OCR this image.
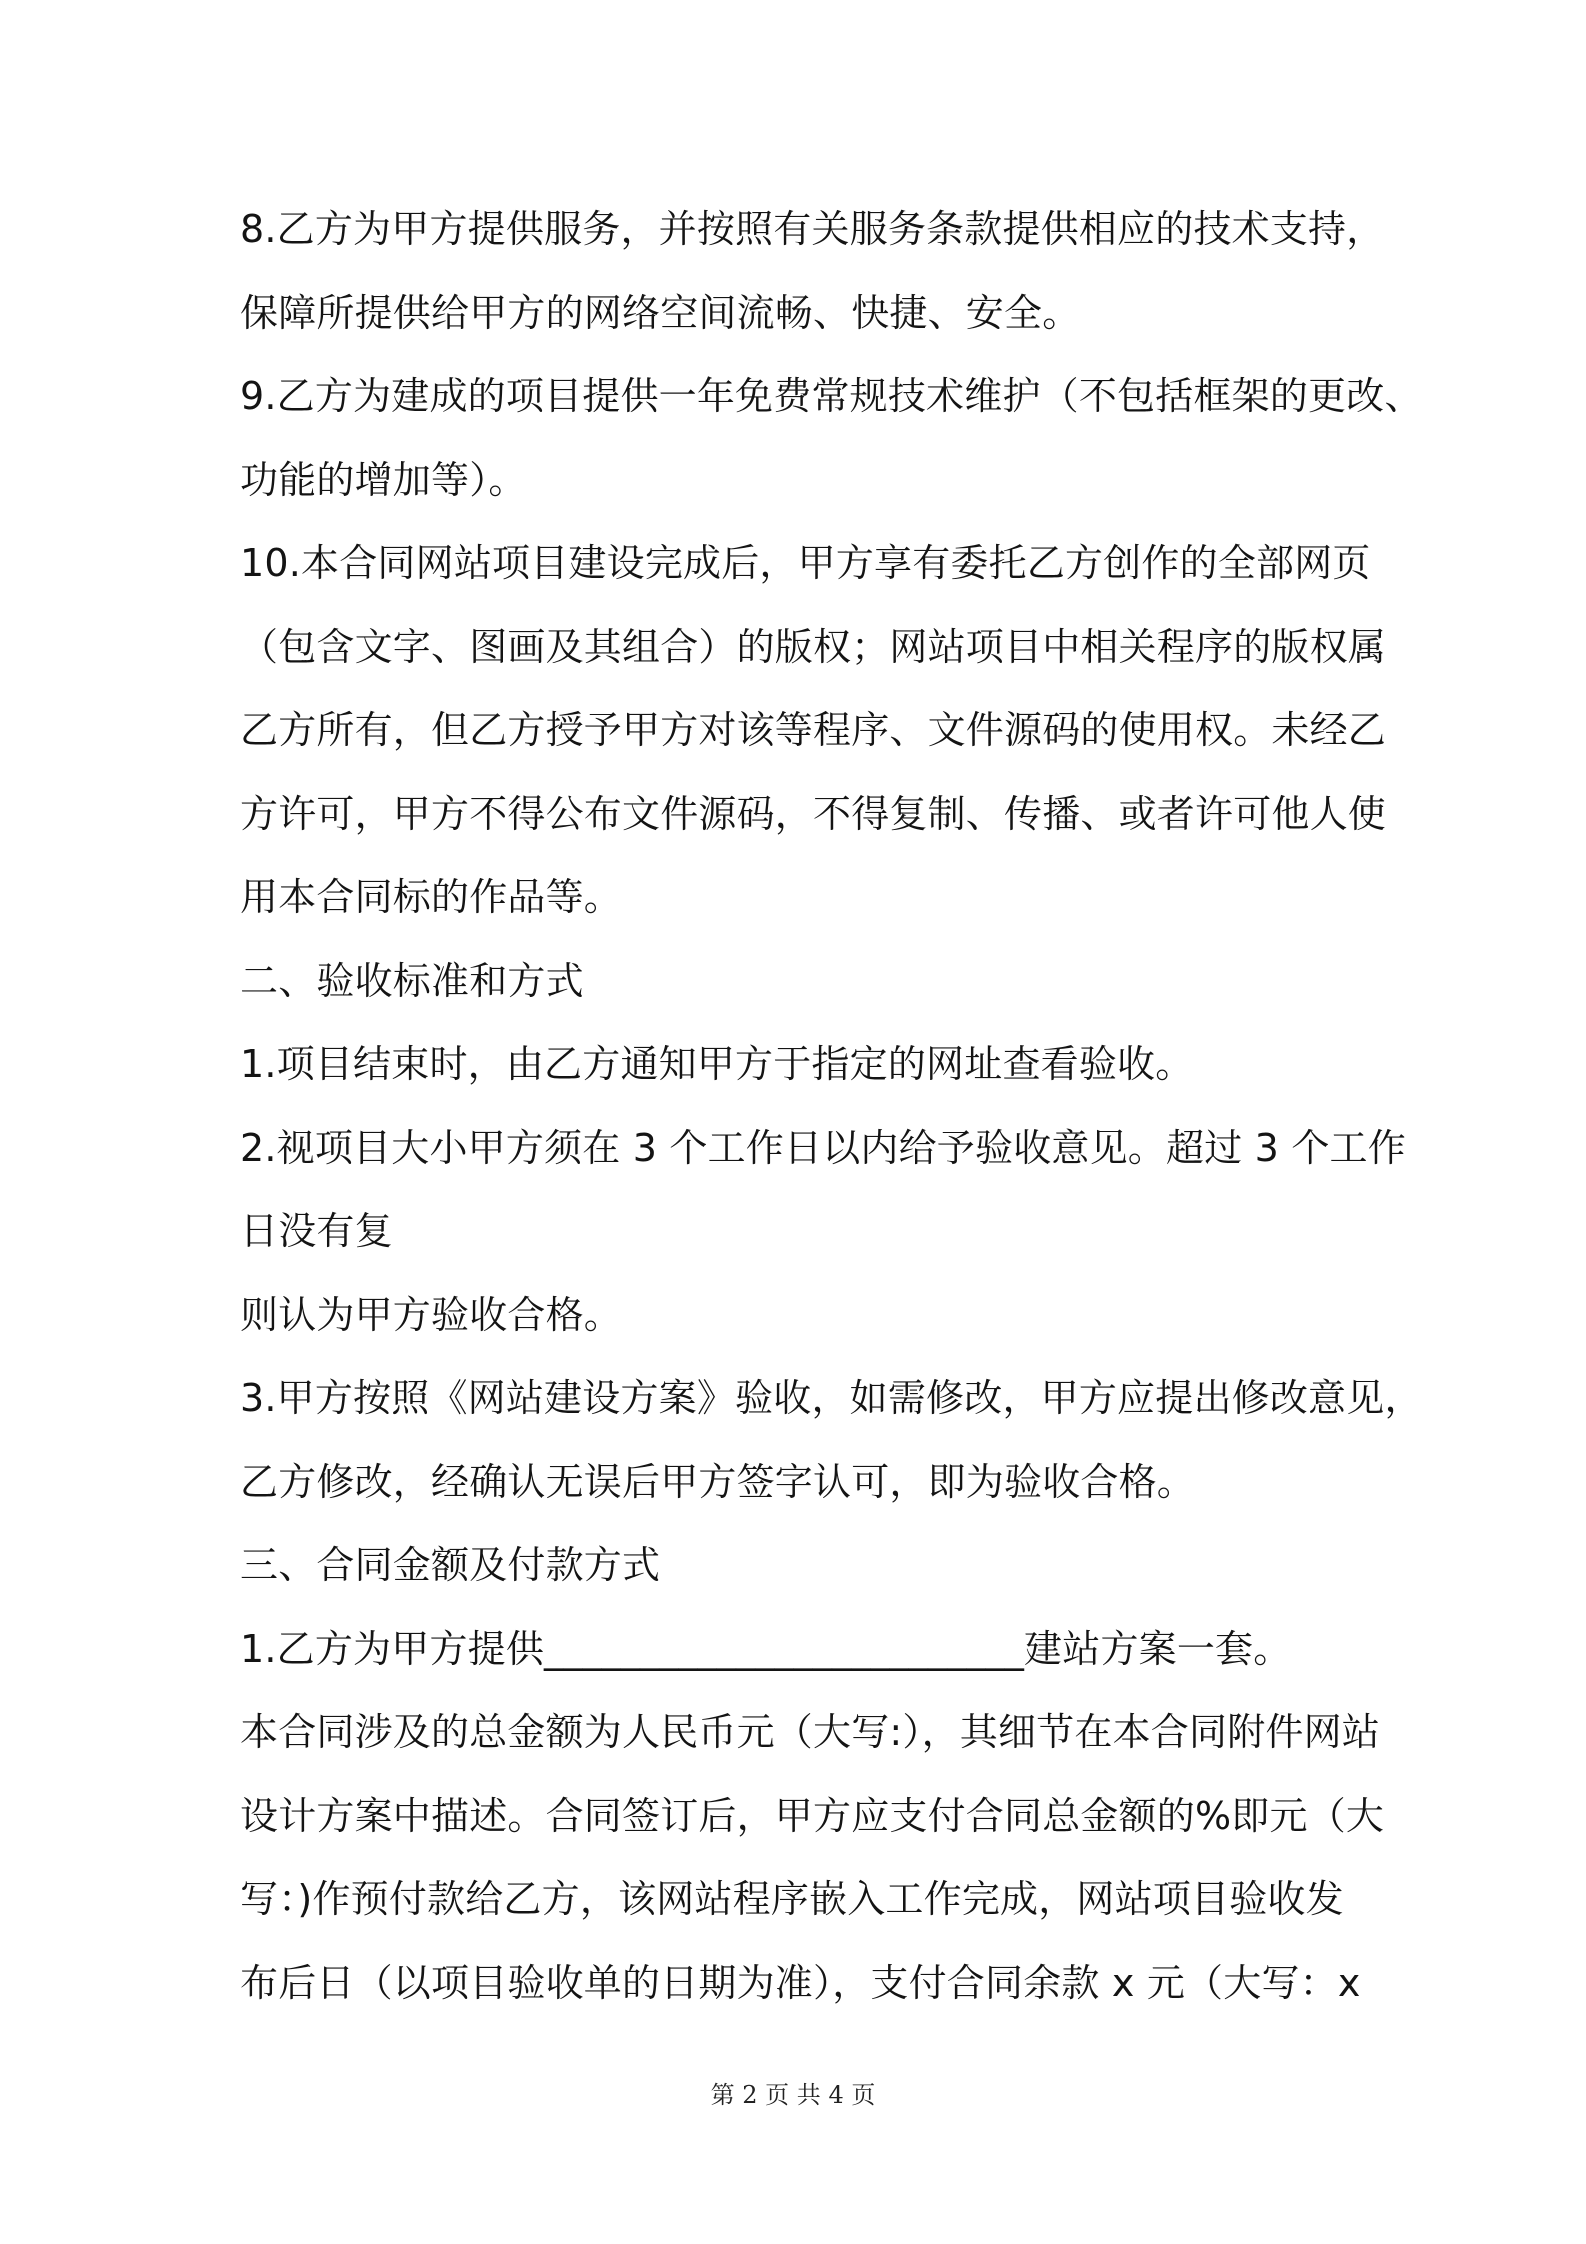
8.乙方为甲方提供服务，并按照有关服务条款提供相应的技术支持，
保障所提供给甲方的网络空间流畅、快捷、安全。
9.乙方为建成的项目提供一年免费常规技术维护（不包括框架的更改、
功能的增加等）。
10.本合同网站项目建设完成后，甲方享有委托乙方创作的全部网页
（包含文字、图画及其组合）的版权；网站项目中相关程序的版权属
乙方所有，但乙方授予甲方对该等程序、文件源码的使用权。未经乙
方许可，甲方不得公布文件源码，不得复制、传播、或者许可他人使
用本合同标的作品等。
二、验收标准和方式
1.项目结束时，由乙方通知甲方于指定的网址查看验收。
2.视项目大小甲方须在 3 个工作日以内给予验收意见。超过 3 个工作
日没有复
则认为甲方验收合格。
3.甲方按照《网站建设方案》验收，如需修改，甲方应提出修改意见，
乙方修改，经确认无误后甲方签字认可，即为验收合格。
三、合同金额及付款方式
1.乙方为甲方提供_________________________建站方案一套。
本合同涉及的总金额为人民币元（大写:），其细节在本合同附件网站
设计方案中描述。合同签订后，甲方应支付合同总金额的%即元（大
写：)作预付款给乙方，该网站程序嵌入工作完成，网站项目验收发
布后日（以项目验收单的日期为准），支付合同余款 x 元（大写：x
第 2 页 共 4 页
